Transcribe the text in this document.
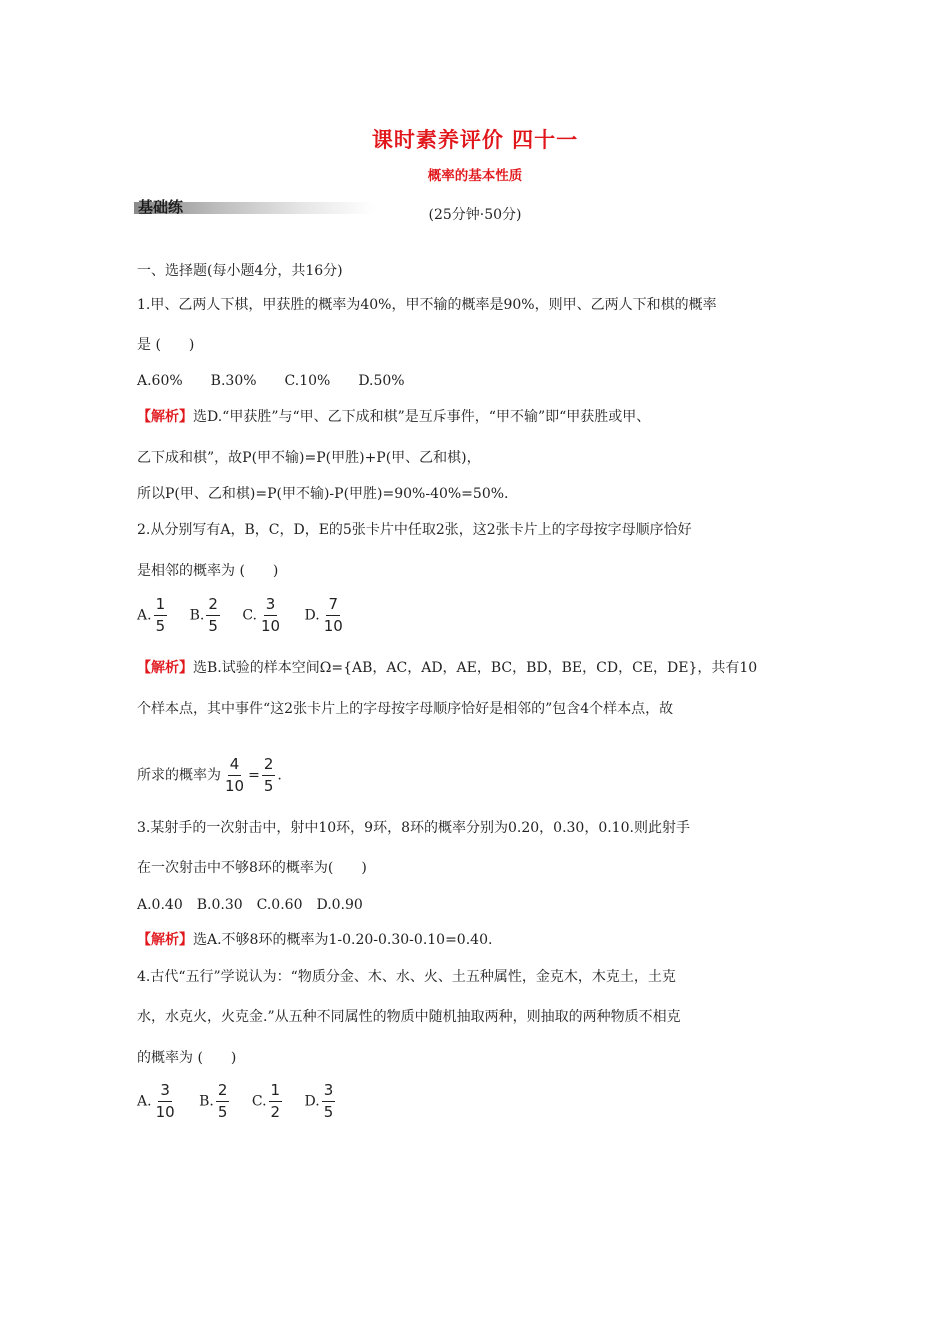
课时素养评价 四十一
概率的基本性质
基础练	(25分钟·50分)
一、选择题(每小题4分，共16分)
1.甲、乙两人下棋，甲获胜的概率为40%，甲不输的概率是90%，则甲、乙两人下和棋的概率
是 (　　)
A.60%　　B.30%　　C.10%　　D.50%
【解析】选D.“甲获胜”与“甲、乙下成和棋”是互斥事件，“甲不输”即“甲获胜或甲、
乙下成和棋”，故P(甲不输)=P(甲胜)+P(甲、乙和棋)，
所以P(甲、乙和棋)=P(甲不输)-P(甲胜)=90%-40%=50%.
2.从分别写有A，B，C，D，E的5张卡片中任取2张，这2张卡片上的字母按字母顺序恰好
是相邻的概率为 (　　)
A. $\frac{1}{5} B$. $\frac{2}{5} C$. $\frac{3}{10} D$. $\frac{7}{10}$
【解析】选B.试验的样本空间Ω={AB，AC，AD，AE，BC，BD，BE，CD，CE，DE}，共有10
个样本点，其中事件“这2张卡片上的字母按字母顺序恰好是相邻的”包含4个样本点，故
所求的概率为 $\frac{4}{10} = \frac{2}{5}$ .
3.某射手的一次射击中，射中10环，9环，8环的概率分别为0.20，0.30，0.10.则此射手
在一次射击中不够8环的概率为(　　)
A.0.40　B.0.30　C.0.60　D.0.90
【解析】选A.不够8环的概率为1-0.20-0.30-0.10=0.40.
4.古代“五行”学说认为：“物质分金、木、水、火、土五种属性，金克木，木克土，土克
水，水克火，火克金.”从五种不同属性的物质中随机抽取两种，则抽取的两种物质不相克
的概率为 (　　)
A. $\frac{3}{10} B$. $\frac{2}{5} C$. $\frac{1}{2} D$. $\frac{3}{5}$
